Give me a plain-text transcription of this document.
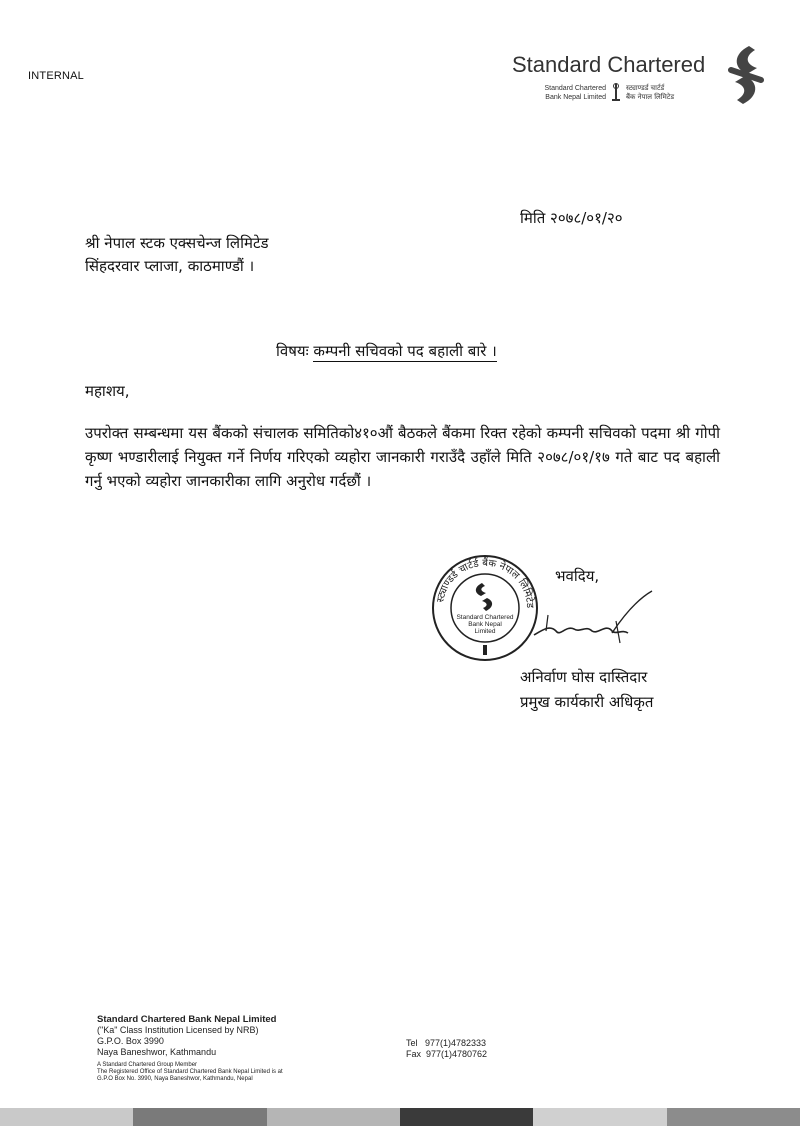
INTERNAL	Standard Chartered
Standard Chartered
Bank Nepal Limited
स्ट्याण्डर्ड चार्टर्ड
बैंक नेपाल लिमिटेड
मिति २०७८/०१/२०
श्री नेपाल स्टक एक्सचेन्ज लिमिटेड
सिंहदरवार प्लाजा, काठमाण्डौं ।
विषयः कम्पनी सचिवको पद बहाली बारे ।
महाशय,
उपरोक्त सम्बन्धमा यस बैंकको संचालक समितिको४१०औं बैठकले बैंकमा रिक्त रहेको कम्पनी सचिवको पदमा श्री गोपी कृष्ण भण्डारीलाई नियुक्त गर्ने निर्णय गरिएको व्यहोरा जानकारी गराउँदै उहाँले मिति २०७८/०१/१७ गते बाट पद बहाली गर्नु भएको व्यहोरा जानकारीका लागि अनुरोध गर्दछौं ।
स्ट्याण्डर्ड चार्टर्ड बैंक नेपाल लिमिटेड
Standard Chartered
Bank Nepal
Limited
भवदिय,
अनिर्वाण घोस दास्तिदार
प्रमुख कार्यकारी अधिकृत
Standard Chartered Bank Nepal Limited
("Ka" Class Institution Licensed by NRB)
G.P.O. Box 3990
Naya Baneshwor, Kathmandu
A Standard Chartered Group Member
The Registered Office of Standard Chartered Bank Nepal Limited is at
G.P.O Box No. 3990, Naya Baneshwor, Kathmandu, Nepal
Tel   977(1)4782333
Fax  977(1)4780762
